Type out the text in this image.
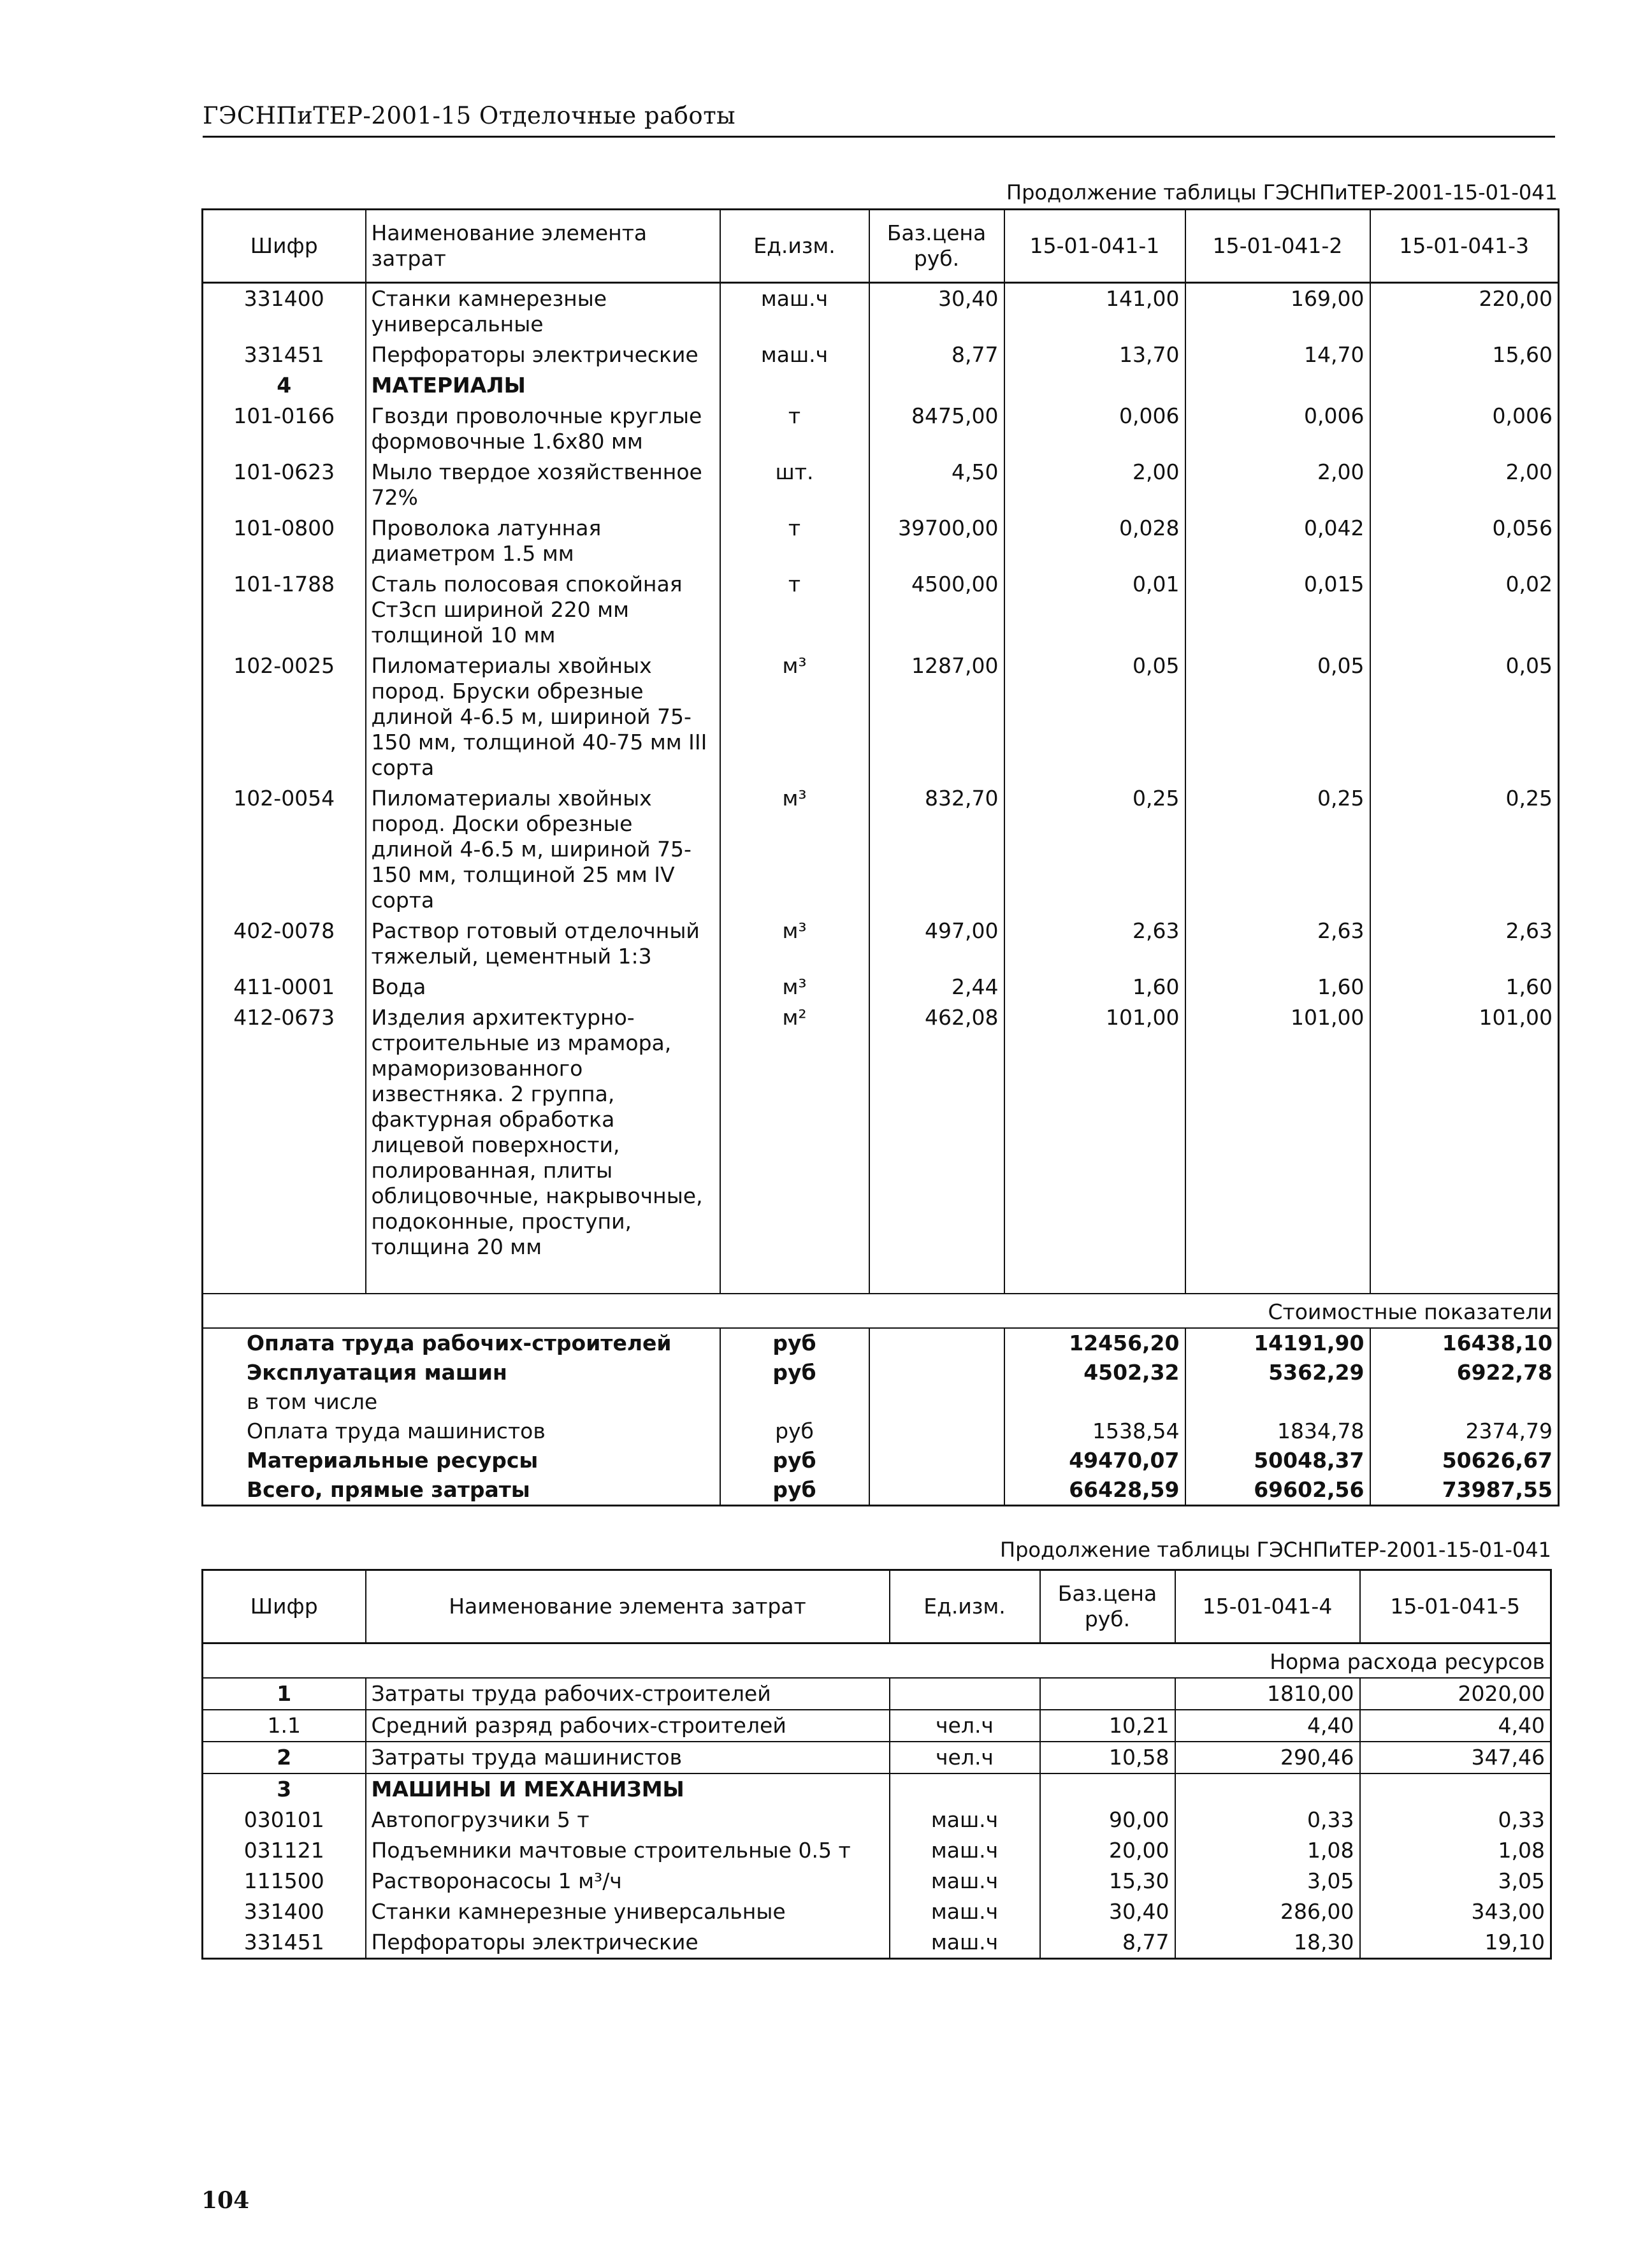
ГЭСНПиТЕР-2001-15 Отделочные работы
Продолжение таблицы ГЭСНПиТЕР-2001-15-01-041
Шифр	Наименование элемента затрат	Ед.изм.	Баз.цена руб.	15-01-041-1	15-01-041-2	15-01-041-3
331400	Станки камнерезные универсальные	маш.ч	30,40	141,00	169,00	220,00
331451	Перфораторы электрические	маш.ч	8,77	13,70	14,70	15,60
4	МАТЕРИАЛЫ					
101-0166	Гвозди проволочные круглые формовочные 1.6x80 мм	т	8475,00	0,006	0,006	0,006
101-0623	Мыло твердое хозяйственное 72%	шт.	4,50	2,00	2,00	2,00
101-0800	Проволока латунная диаметром 1.5 мм	т	39700,00	0,028	0,042	0,056
101-1788	Сталь полосовая спокойная Ст3сп шириной 220 мм толщиной 10 мм	т	4500,00	0,01	0,015	0,02
102-0025	Пиломатериалы хвойных пород. Бруски обрезные длиной 4-6.5 м, шириной 75-150 мм, толщиной 40-75 мм III сорта	м³	1287,00	0,05	0,05	0,05
102-0054	Пиломатериалы хвойных пород. Доски обрезные длиной 4-6.5 м, шириной 75-150 мм, толщиной 25 мм IV сорта	м³	832,70	0,25	0,25	0,25
402-0078	Раствор готовый отделочный тяжелый, цементный 1:3	м³	497,00	2,63	2,63	2,63
411-0001	Вода	м³	2,44	1,60	1,60	1,60
412-0673	Изделия архитектурно-строительные из мрамора, мраморизованного известняка. 2 группа, фактурная обработка лицевой поверхности, полированная, плиты облицовочные, накрывочные, подоконные, проступи, толщина 20 мм	м²	462,08	101,00	101,00	101,00

Стоимостные показатели						
Оплата труда рабочих-строителей		руб		12456,20	14191,90	16438,10
Эксплуатация машин		руб		4502,32	5362,29	6922,78
в том числе						
Оплата труда машинистов		руб		1538,54	1834,78	2374,79
Материальные ресурсы		руб		49470,07	50048,37	50626,67
Всего, прямые затраты		руб		66428,59	69602,56	73987,55
Продолжение таблицы ГЭСНПиТЕР-2001-15-01-041
Шифр	Наименование элемента затрат	Ед.изм.	Баз.цена руб.	15-01-041-4	15-01-041-5
Норма расхода ресурсов					
1	Затраты труда рабочих-строителей			1810,00	2020,00
1.1	Средний разряд рабочих-строителей	чел.ч	10,21	4,40	4,40
2	Затраты труда машинистов	чел.ч	10,58	290,46	347,46
3	МАШИНЫ И МЕХАНИЗМЫ				
030101	Автопогрузчики 5 т	маш.ч	90,00	0,33	0,33
031121	Подъемники мачтовые строительные 0.5 т	маш.ч	20,00	1,08	1,08
111500	Растворонасосы 1 м³/ч	маш.ч	15,30	3,05	3,05
331400	Станки камнерезные универсальные	маш.ч	30,40	286,00	343,00
331451	Перфораторы электрические	маш.ч	8,77	18,30	19,10
104
